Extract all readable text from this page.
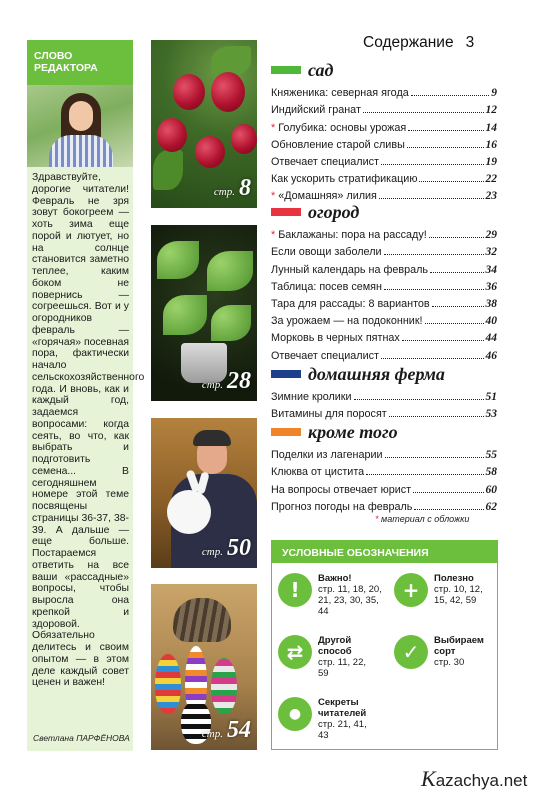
СЛОВО
РЕДАКТОРА

Здравствуйте, дорогие читатели! Февраль не зря зовут бокогреем — хоть зима еще порой и лютует, но на солнце становится заметно теплее, каким боком не повернись — согреешься. Вот и у огородников февраль — «горячая» посевная пора, фактически начало сельскохозяйственного года. И вновь, как и каждый год, задаемся вопросами: когда сеять, во что, как выбрать и подготовить семена... В сегодняшнем номере этой теме посвящены страницы 36-37, 38-39. А дальше — еще больше. Постараемся ответить на все ваши «рассадные» вопросы, чтобы выросла она крепкой и здоровой. Обязательно делитесь и своим опытом — в этом деле каждый совет ценен и важен!

Светлана ПАРФЁНОВА
стр. 8
стр. 28
стр. 50
стр. 54
Содержание 3
сад
Княженика: северная ягода	9
Индийский гранат	12
* Голубика: основы урожая	14
Обновление старой сливы	16
Отвечает специалист	19
Как ускорить стратификацию	22
* «Домашняя» лилия	23
огород
* Баклажаны: пора на рассаду!	29
Если овощи заболели	32
Лунный календарь на февраль	34
Таблица: посев семян	36
Тара для рассады: 8 вариантов	38
За урожаем — на подоконник!	40
Морковь в черных пятнах	44
Отвечает специалист	46
домашняя ферма
Зимние кролики	51
Витамины для поросят	53
кроме того
Поделки из лагенарии	55
Клюква от цистита	58
На вопросы отвечает юрист	60
Прогноз погоды на февраль	62
* материал с обложки
УСЛОВНЫЕ ОБОЗНАЧЕНИЯ
!	Важно!
стр. 11, 18, 20, 21, 23, 30, 35, 44
+	Полезно
стр. 10, 12, 15, 42, 59
⇄	Другой способ
стр. 11, 22, 59
✓	Выбираем сорт
стр. 30
●
Секреты читателей
стр. 21, 41, 43
Kazachya.net
